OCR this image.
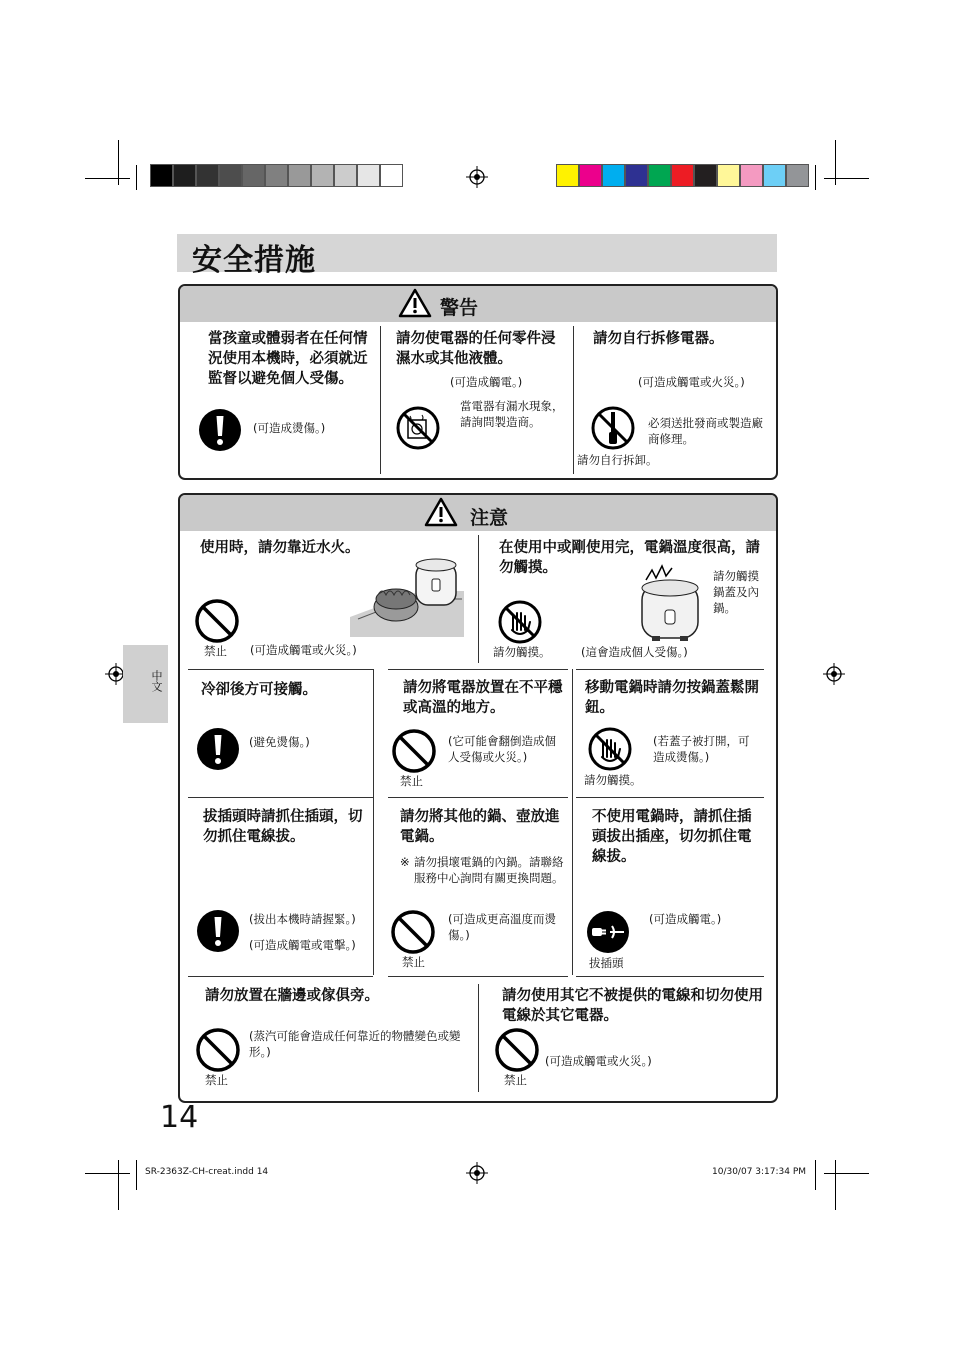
安全措施
警告
當孩童或體弱者在任何情況使用本機時，必須就近監督以避免個人受傷。
(可造成燙傷。)
請勿使電器的任何零件浸濕水或其他液體。
(可造成觸電。)
當電器有漏水現象，請詢問製造商。
請勿自行拆修電器。
(可造成觸電或火災。)
必須送批發商或製造廠商修理。
請勿自行拆卸。
注意
使用時，請勿靠近水火。
禁止 (可造成觸電或火災。)
在使用中或剛使用完，電鍋溫度很高，請勿觸摸。	請勿觸摸鍋蓋及內鍋。
請勿觸摸。	(這會造成個人受傷。)
冷卻後方可接觸。
(避免燙傷。)
請勿將電器放置在不平穩或高溫的地方。
禁止
(它可能會翻倒造成個人受傷或火災。)
移動電鍋時請勿按鍋蓋鬆開鈕。
請勿觸摸。
(若蓋子被打開，可造成燙傷。)
拔插頭時請抓住插頭，切勿抓住電線拔。
(拔出本機時請握緊。)
(可造成觸電或電擊。)
請勿將其他的鍋、壺放進電鍋。
※ 請勿損壞電鍋的內鍋。請聯絡服務中心詢問有關更換問題。
禁止
(可造成更高溫度而燙傷。)
不使用電鍋時，請抓住插頭拔出插座，切勿抓住電線拔。
拔插頭
(可造成觸電。)
請勿放置在牆邊或傢俱旁。
禁止
(蒸汽可能會造成任何靠近的物體變色或變形。)
請勿使用其它不被提供的電線和切勿使用電線於其它電器。
禁止
(可造成觸電或火災。)
中文
14
SR-2363Z-CH-creat.indd 14	10/30/07 3:17:34 PM
